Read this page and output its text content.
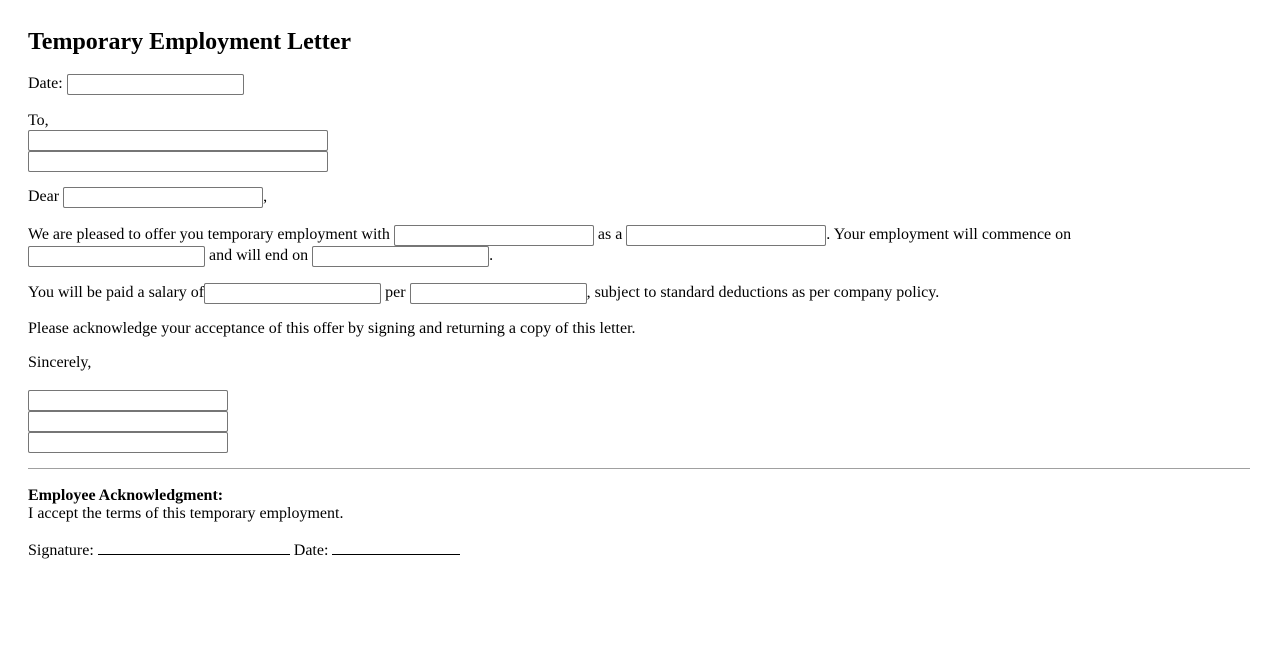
Temporary Employment Letter
Date:
To,
Dear	,
We are pleased to offer you temporary employment with	as a	. Your employment will commence on
and will end on	.
You will be paid a salary of	per	, subject to standard deductions as per company policy.
Please acknowledge your acceptance of this offer by signing and returning a copy of this letter.
Sincerely,
Employee Acknowledgment:
I accept the terms of this temporary employment.
Signature:	Date:
